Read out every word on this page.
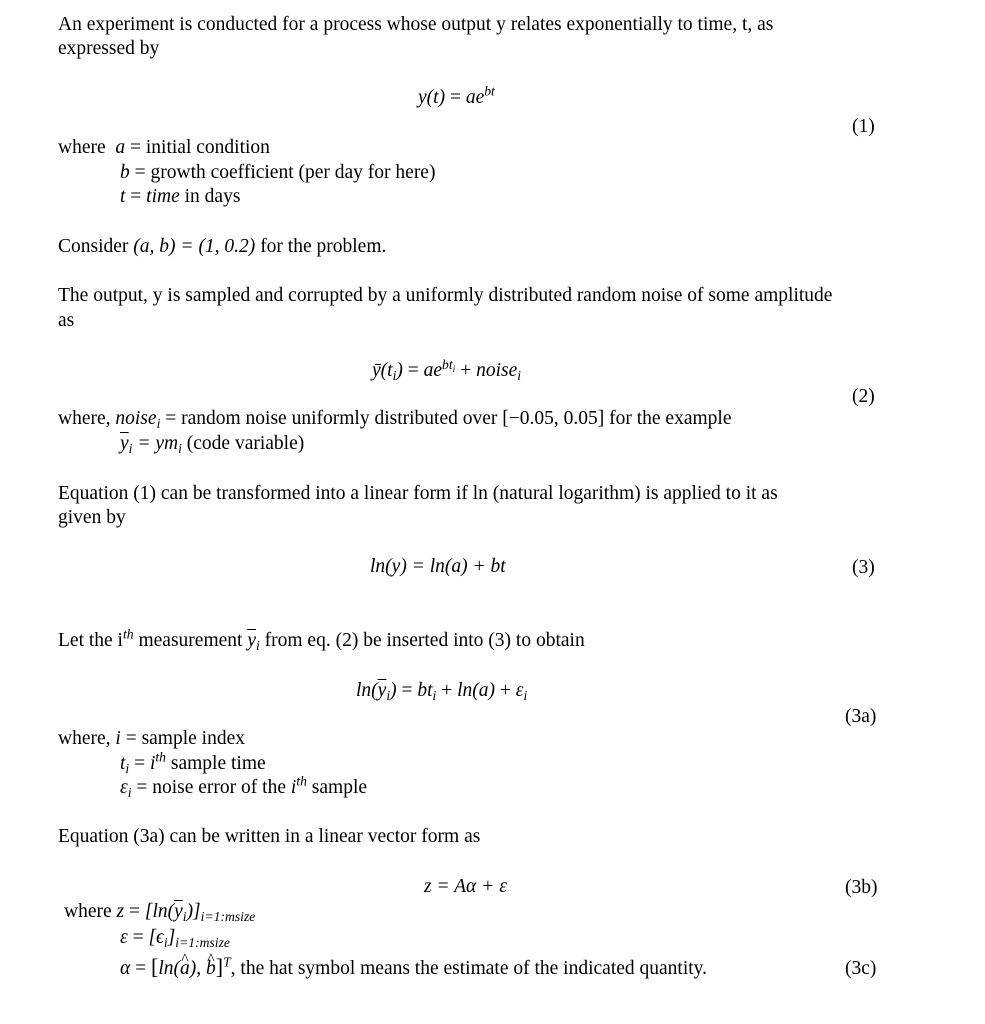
An experiment is conducted for a process whose output y relates exponentially to time, t, as
expressed by
$y(t) = ae^{bt}$
(1)
where a = initial condition
b = growth coefficient (per day for here)
t = time in days
Consider (a, b) = (1, 0.2) for the problem.
The output, y is sampled and corrupted by a uniformly distributed random noise of some amplitude
as
$ȳ(t_i) = ae^{bt_i}$ + noise$_i$
(2)
where, noise$_i$ = random noise uniformly distributed over [−0.05, 0.05] for the example
$\overline{y}_i = ym_i$ (code variable)
Equation (1) can be transformed into a linear form if ln (natural logarithm) is applied to it as
given by
ln(y) = ln(a) + bt	(3)
Let the $i^{th}$ measurement $\overline{y}_i$ from eq. (2) be inserted into (3) to obtain
$\ln(\overline{y}_i) = bt_i + \ln(a) + \varepsilon_i$
(3a)
where, i = sample index
$t_i = i^{th}$ sample time
$\varepsilon_i$ = noise error of the $i^{th}$ sample
Equation (3a) can be written in a linear vector form as
z = Aα + ε	(3b)
where $z = [\ln(\overline{y}_i)]_{i=1:msize}$
$\varepsilon = [\epsilon_i]_{i=1:msize}$
α = [ln(a ^), b ^]$^T$, the hat symbol means the estimate of the indicated quantity.	(3c)
